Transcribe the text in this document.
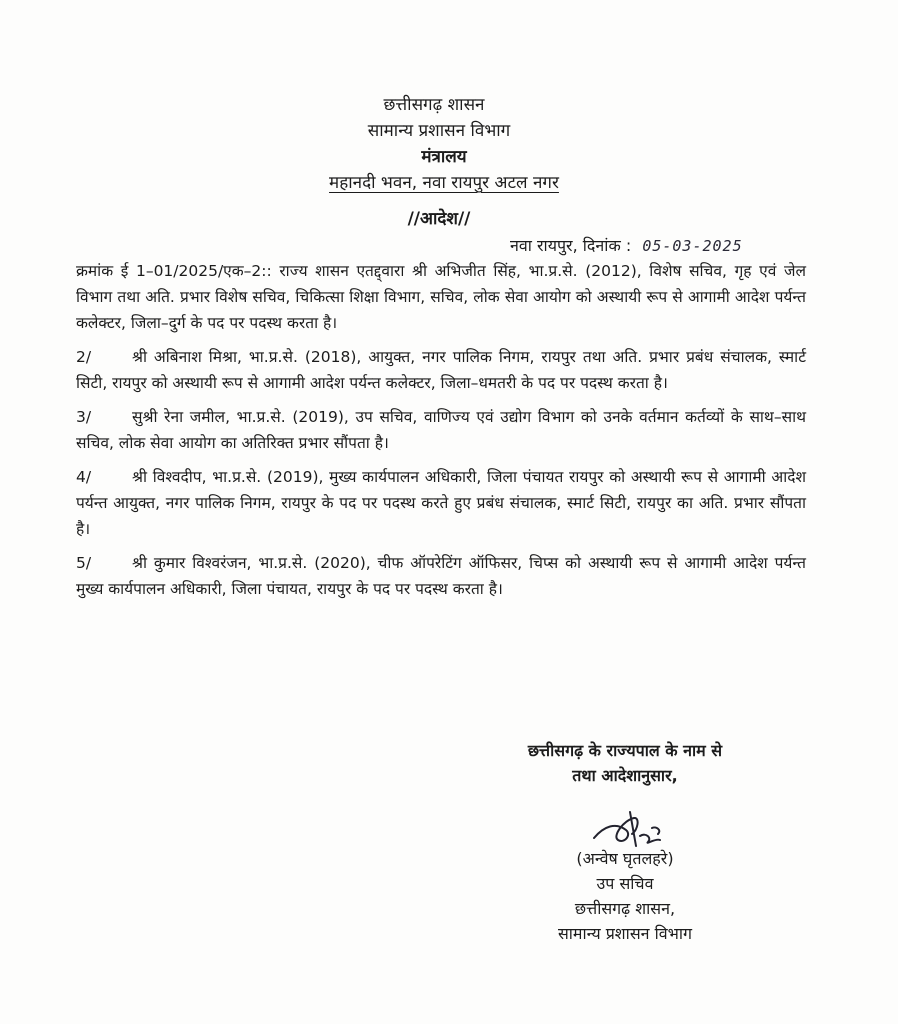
छत्तीसगढ़ शासन
सामान्य प्रशासन विभाग
मंत्रालय
महानदी भवन, नवा रायपुर अटल नगर
//आदेश//
नवा रायपुर, दिनांक : 05-03-2025

क्रमांक ई 1–01/2025/एक–2:: राज्य शासन एतद्द्वारा श्री अभिजीत सिंह, भा.प्र.से. (2012), विशेष सचिव, गृह एवं जेल विभाग तथा अति. प्रभार विशेष सचिव, चिकित्सा शिक्षा विभाग, सचिव, लोक सेवा आयोग को अस्थायी रूप से आगामी आदेश पर्यन्त कलेक्टर, जिला–दुर्ग के पद पर पदस्थ करता है।

2/	श्री अबिनाश मिश्रा, भा.प्र.से. (2018), आयुक्त, नगर पालिक निगम, रायपुर तथा अति. प्रभार प्रबंध संचालक, स्मार्ट सिटी, रायपुर को अस्थायी रूप से आगामी आदेश पर्यन्त कलेक्टर, जिला–धमतरी के पद पर पदस्थ करता है।

3/	सुश्री रेना जमील, भा.प्र.से. (2019), उप सचिव, वाणिज्य एवं उद्योग विभाग को उनके वर्तमान कर्तव्यों के साथ–साथ सचिव, लोक सेवा आयोग का अतिरिक्त प्रभार सौंपता है।

4/	श्री विश्वदीप, भा.प्र.से. (2019), मुख्य कार्यपालन अधिकारी, जिला पंचायत रायपुर को अस्थायी रूप से आगामी आदेश पर्यन्त आयुक्त, नगर पालिक निगम, रायपुर के पद पर पदस्थ करते हुए प्रबंध संचालक, स्मार्ट सिटी, रायपुर का अति. प्रभार सौंपता है।

5/	श्री कुमार विश्वरंजन, भा.प्र.से. (2020), चीफ ऑपरेटिंग ऑफिसर, चिप्स को अस्थायी रूप से आगामी आदेश पर्यन्त मुख्य कार्यपालन अधिकारी, जिला पंचायत, रायपुर के पद पर पदस्थ करता है।

छत्तीसगढ़ के राज्यपाल के नाम से
तथा आदेशानुसार,
(अन्वेष घृतलहरे)
उप सचिव
छत्तीसगढ़ शासन,
सामान्य प्रशासन विभाग
